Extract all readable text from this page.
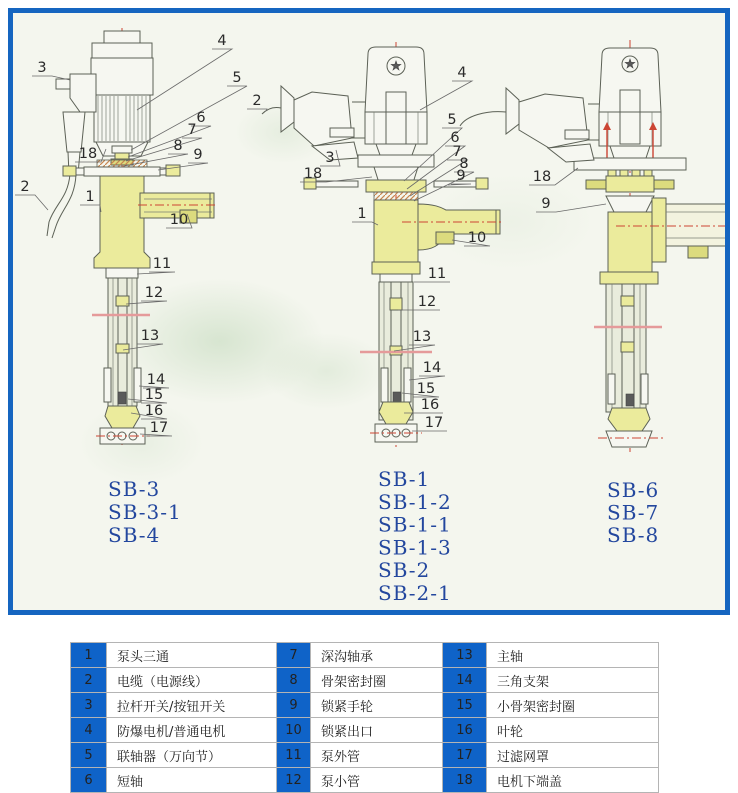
3
2
4
5
6
7
8
9
18
1
10
11
12
13
14
15
16
17
2
3
4
18
5
6
7
8
9
1
10
11
12
13
14
15
16
17
18
9
SB-3
SB-3-1
SB-4
SB-1
SB-1-2
SB-1-1
SB-1-3
SB-2
SB-2-1
SB-6
SB-7
SB-8
1	泵头三通	7	深沟轴承	13	主轴
2	电缆（电源线）	8	骨架密封圈	14	三角支架
3	拉杆开关/按钮开关	9	锁紧手轮	15	小骨架密封圈
4	防爆电机/普通电机	10	锁紧出口	16	叶轮
5	联轴器（万向节）	11	泵外管	17	过滤网罩
6	短轴	12	泵小管	18	电机下端盖
